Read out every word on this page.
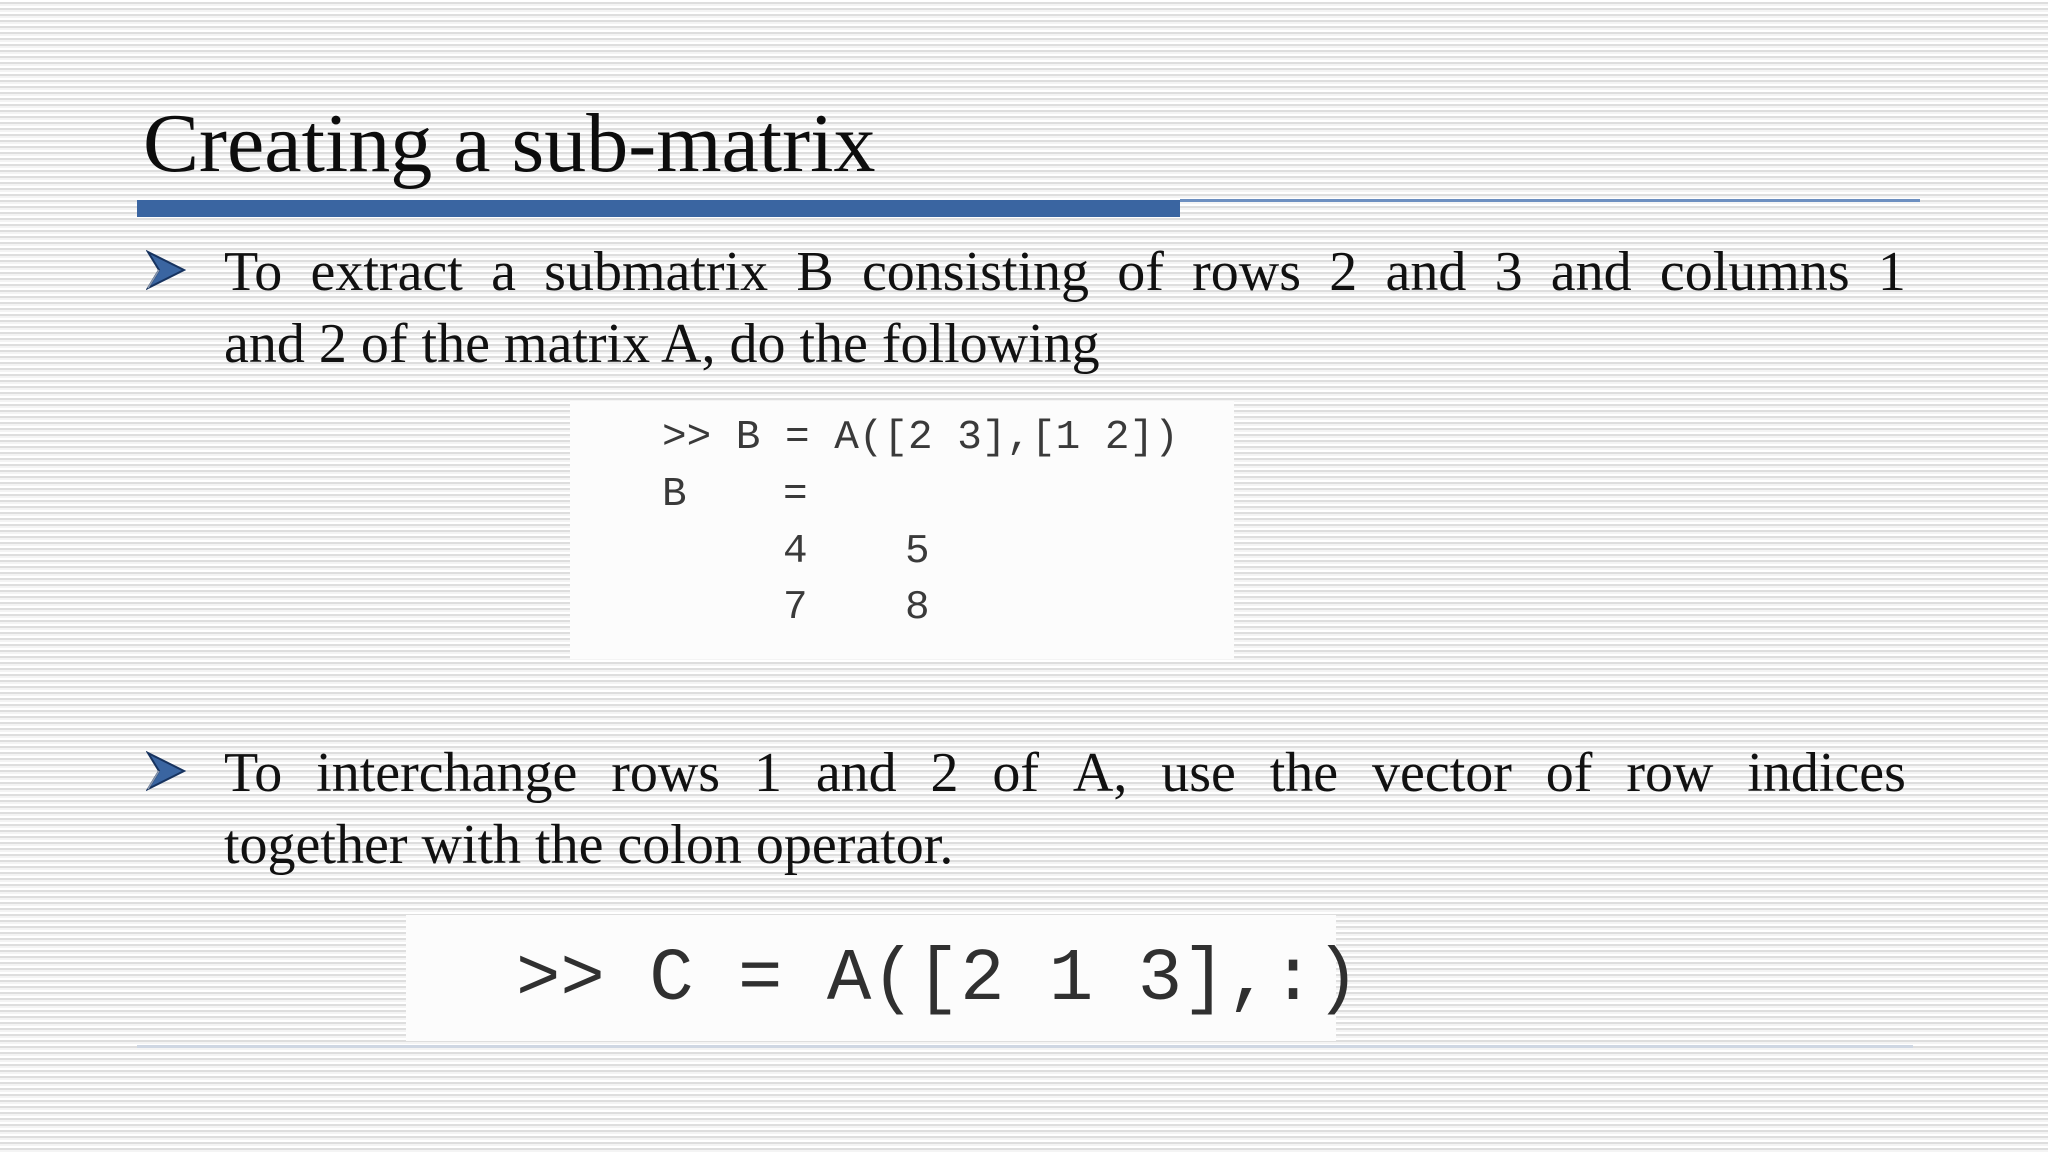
Creating a sub-matrix

To extract a submatrix B consisting of rows 2 and 3 and columns 1
and 2 of the matrix A, do the following

>> B = A([2 3],[1 2])
B =
4 5
7 8

To interchange rows 1 and 2 of A, use the vector of row indices
together with the colon operator.

>> C = A([2 1 3],:)
